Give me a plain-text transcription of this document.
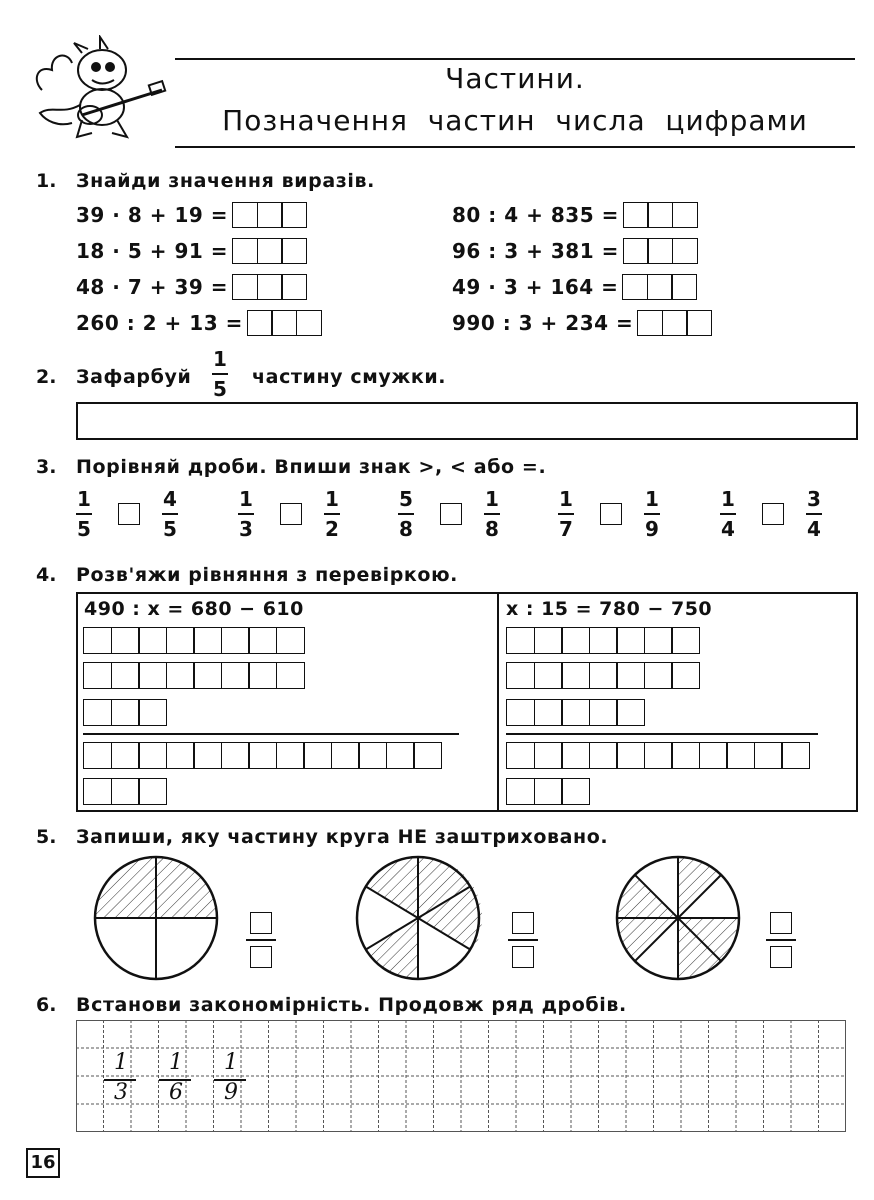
Частини.
Позначення  частин  числа  цифрами
1. Знайди значення виразів.
39 · 8 + 19 =
18 · 5 + 91 =
48 · 7 + 39 =
260 : 2 + 13 =
80 : 4 + 835 =
96 : 3 + 381 =
49 · 3 + 164 =
990 : 3 + 234 =
2. Зафарбуй
1
5 частину смужки.
3. Порівняй дроби. Впиши знак >, < або =.
1
5
4
5
1
3
1
2
5
8
1
8
1
7
1
9
1
4
3
4
4. Розв'яжи рівняння з перевіркою.
490 : x = 680 − 610	x : 15 = 780 − 750
5. Запиши, яку частину круга НЕ заштриховано.
6. Встанови закономірність. Продовж ряд дробів.
1
3
1
6
1
9
16
